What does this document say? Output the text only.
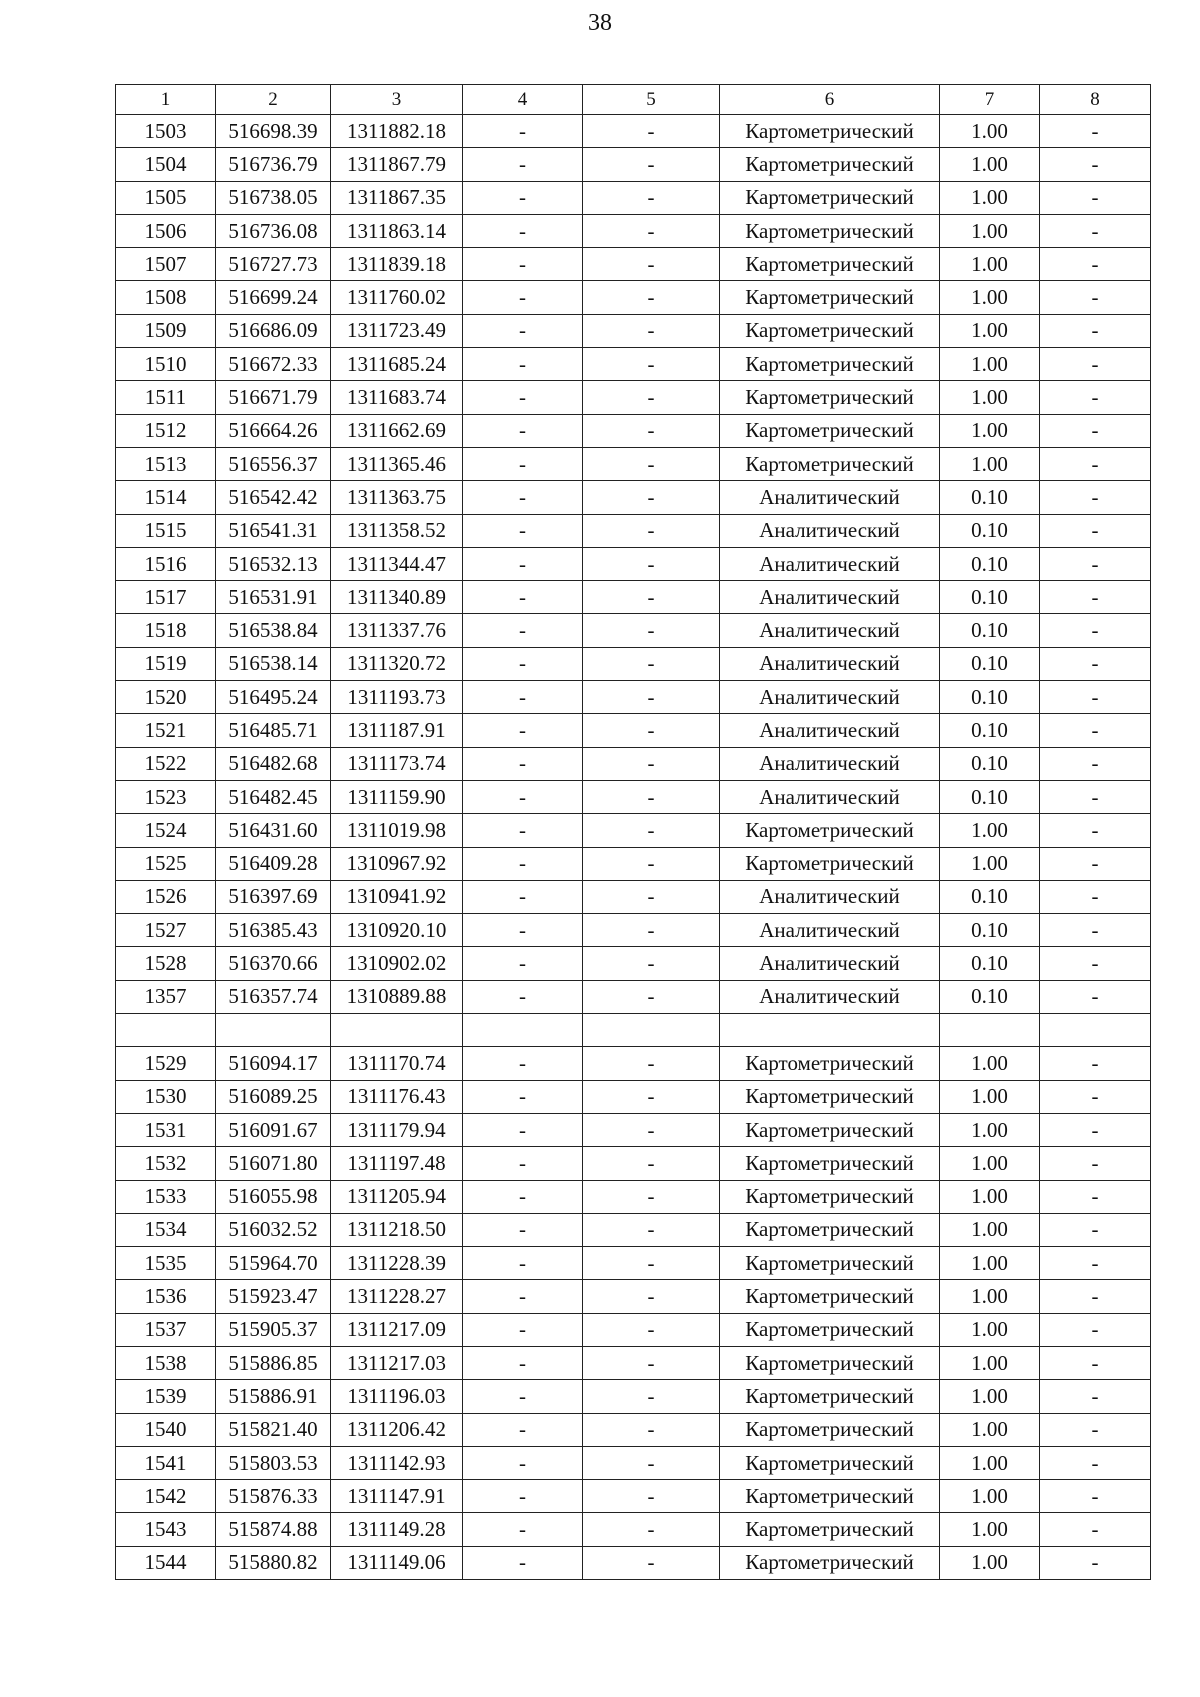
38
1	2	3	4	5	6	7	8
1503	516698.39	1311882.18	-	-	Картометрический	1.00	-
1504	516736.79	1311867.79	-	-	Картометрический	1.00	-
1505	516738.05	1311867.35	-	-	Картометрический	1.00	-
1506	516736.08	1311863.14	-	-	Картометрический	1.00	-
1507	516727.73	1311839.18	-	-	Картометрический	1.00	-
1508	516699.24	1311760.02	-	-	Картометрический	1.00	-
1509	516686.09	1311723.49	-	-	Картометрический	1.00	-
1510	516672.33	1311685.24	-	-	Картометрический	1.00	-
1511	516671.79	1311683.74	-	-	Картометрический	1.00	-
1512	516664.26	1311662.69	-	-	Картометрический	1.00	-
1513	516556.37	1311365.46	-	-	Картометрический	1.00	-
1514	516542.42	1311363.75	-	-	Аналитический	0.10	-
1515	516541.31	1311358.52	-	-	Аналитический	0.10	-
1516	516532.13	1311344.47	-	-	Аналитический	0.10	-
1517	516531.91	1311340.89	-	-	Аналитический	0.10	-
1518	516538.84	1311337.76	-	-	Аналитический	0.10	-
1519	516538.14	1311320.72	-	-	Аналитический	0.10	-
1520	516495.24	1311193.73	-	-	Аналитический	0.10	-
1521	516485.71	1311187.91	-	-	Аналитический	0.10	-
1522	516482.68	1311173.74	-	-	Аналитический	0.10	-
1523	516482.45	1311159.90	-	-	Аналитический	0.10	-
1524	516431.60	1311019.98	-	-	Картометрический	1.00	-
1525	516409.28	1310967.92	-	-	Картометрический	1.00	-
1526	516397.69	1310941.92	-	-	Аналитический	0.10	-
1527	516385.43	1310920.10	-	-	Аналитический	0.10	-
1528	516370.66	1310902.02	-	-	Аналитический	0.10	-
1357	516357.74	1310889.88	-	-	Аналитический	0.10	-

1529	516094.17	1311170.74	-	-	Картометрический	1.00	-
1530	516089.25	1311176.43	-	-	Картометрический	1.00	-
1531	516091.67	1311179.94	-	-	Картометрический	1.00	-
1532	516071.80	1311197.48	-	-	Картометрический	1.00	-
1533	516055.98	1311205.94	-	-	Картометрический	1.00	-
1534	516032.52	1311218.50	-	-	Картометрический	1.00	-
1535	515964.70	1311228.39	-	-	Картометрический	1.00	-
1536	515923.47	1311228.27	-	-	Картометрический	1.00	-
1537	515905.37	1311217.09	-	-	Картометрический	1.00	-
1538	515886.85	1311217.03	-	-	Картометрический	1.00	-
1539	515886.91	1311196.03	-	-	Картометрический	1.00	-
1540	515821.40	1311206.42	-	-	Картометрический	1.00	-
1541	515803.53	1311142.93	-	-	Картометрический	1.00	-
1542	515876.33	1311147.91	-	-	Картометрический	1.00	-
1543	515874.88	1311149.28	-	-	Картометрический	1.00	-
1544	515880.82	1311149.06	-	-	Картометрический	1.00	-
